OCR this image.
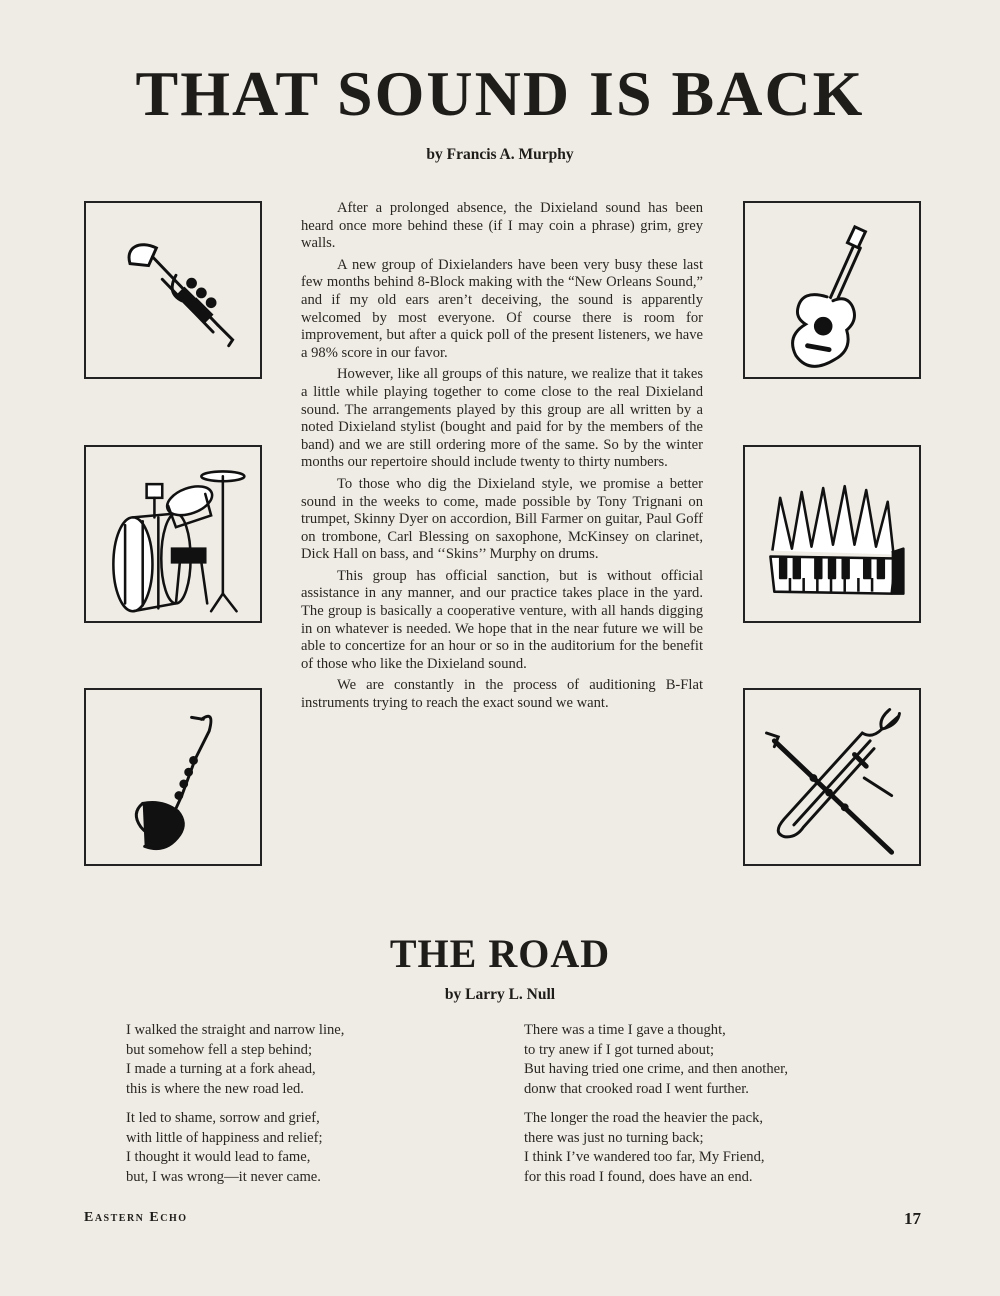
THAT SOUND IS BACK

by Francis A. Murphy

After a prolonged absence, the Dixieland sound has been heard once more behind these (if I may coin a phrase) grim, grey walls.

A new group of Dixielanders have been very busy these last few months behind 8-Block making with the “New Orleans Sound,” and if my old ears aren’t deceiving, the sound is apparently welcomed by most everyone. Of course there is room for improvement, but after a quick poll of the present listeners, we have a 98% score in our favor.

However, like all groups of this nature, we realize that it takes a little while playing together to come close to the real Dixieland sound. The arrangements played by this group are all written by a noted Dixieland stylist (bought and paid for by the members of the band) and we are still ordering more of the same. So by the winter months our repertoire should include twenty to thirty numbers.

To those who dig the Dixieland style, we promise a better sound in the weeks to come, made possible by Tony Trignani on trumpet, Skinny Dyer on accordion, Bill Farmer on guitar, Paul Goff on trombone, Carl Blessing on saxophone, McKinsey on clarinet, Dick Hall on bass, and ‘‘Skins’’ Murphy on drums.

This group has official sanction, but is without official assistance in any manner, and our practice takes place in the yard. The group is basically a cooperative venture, with all hands digging in on whatever is needed. We hope that in the near future we will be able to concertize for an hour or so in the auditorium for the benefit of those who like the Dixieland sound.

We are constantly in the process of auditioning B-Flat instruments trying to reach the exact sound we want.

THE ROAD

by Larry L. Null

I walked the straight and narrow line,
but somehow fell a step behind;
I made a turning at a fork ahead,
this is where the new road led.
It led to shame, sorrow and grief,
with little of happiness and relief;
I thought it would lead to fame,
but, I was wrong—it never came.
There was a time I gave a thought,
to try anew if I got turned about;
But having tried one crime, and then another,
donw that crooked road I went further.
The longer the road the heavier the pack,
there was just no turning back;
I think I’ve wandered too far, My Friend,
for this road I found, does have an end.
Eastern Echo	17
